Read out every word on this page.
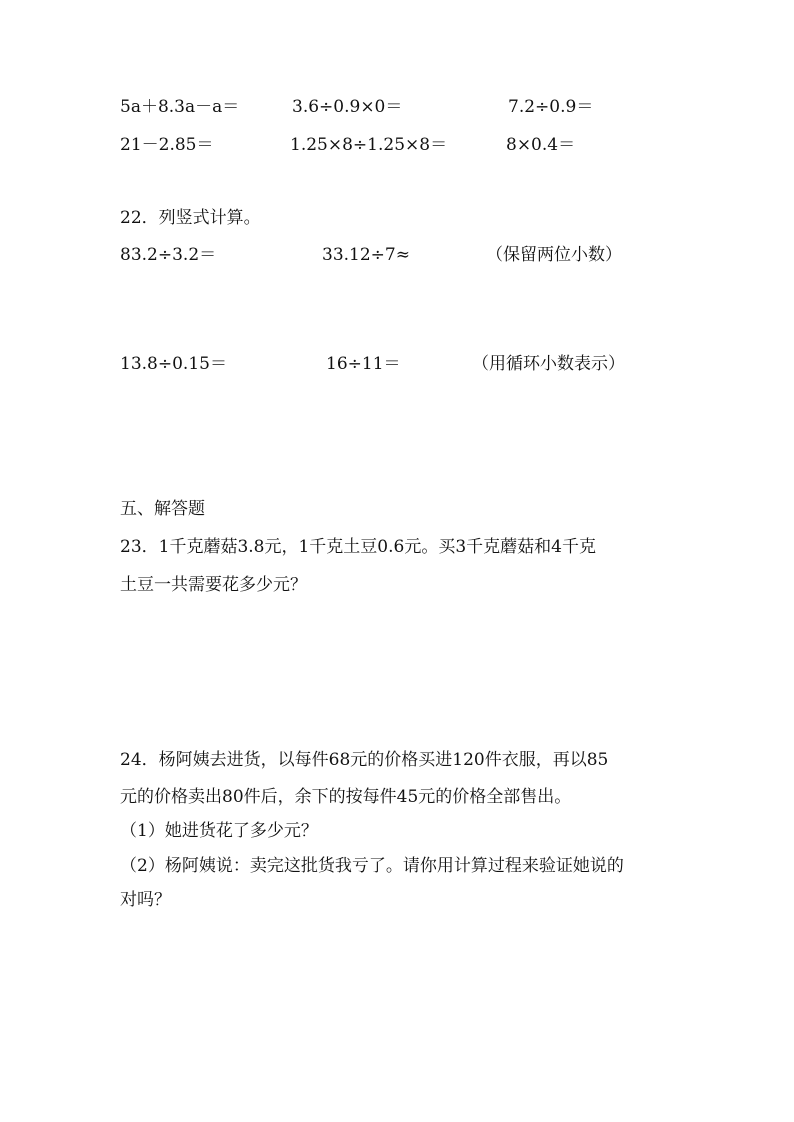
5a＋8.3a－a＝	3.6÷0.9×0＝	7.2÷0.9＝
21－2.85＝	1.25×8÷1.25×8＝	8×0.4＝
22．列竖式计算。
83.2÷3.2＝	33.12÷7≈	（保留两位小数）
13.8÷0.15＝	16÷11＝	（用循环小数表示）
五、解答题
23．1千克蘑菇3.8元，1千克土豆0.6元。买3千克蘑菇和4千克
土豆一共需要花多少元？
24．杨阿姨去进货，以每件68元的价格买进120件衣服，再以85
元的价格卖出80件后，余下的按每件45元的价格全部售出。
（1）她进货花了多少元？
（2）杨阿姨说：卖完这批货我亏了。请你用计算过程来验证她说的
对吗？
